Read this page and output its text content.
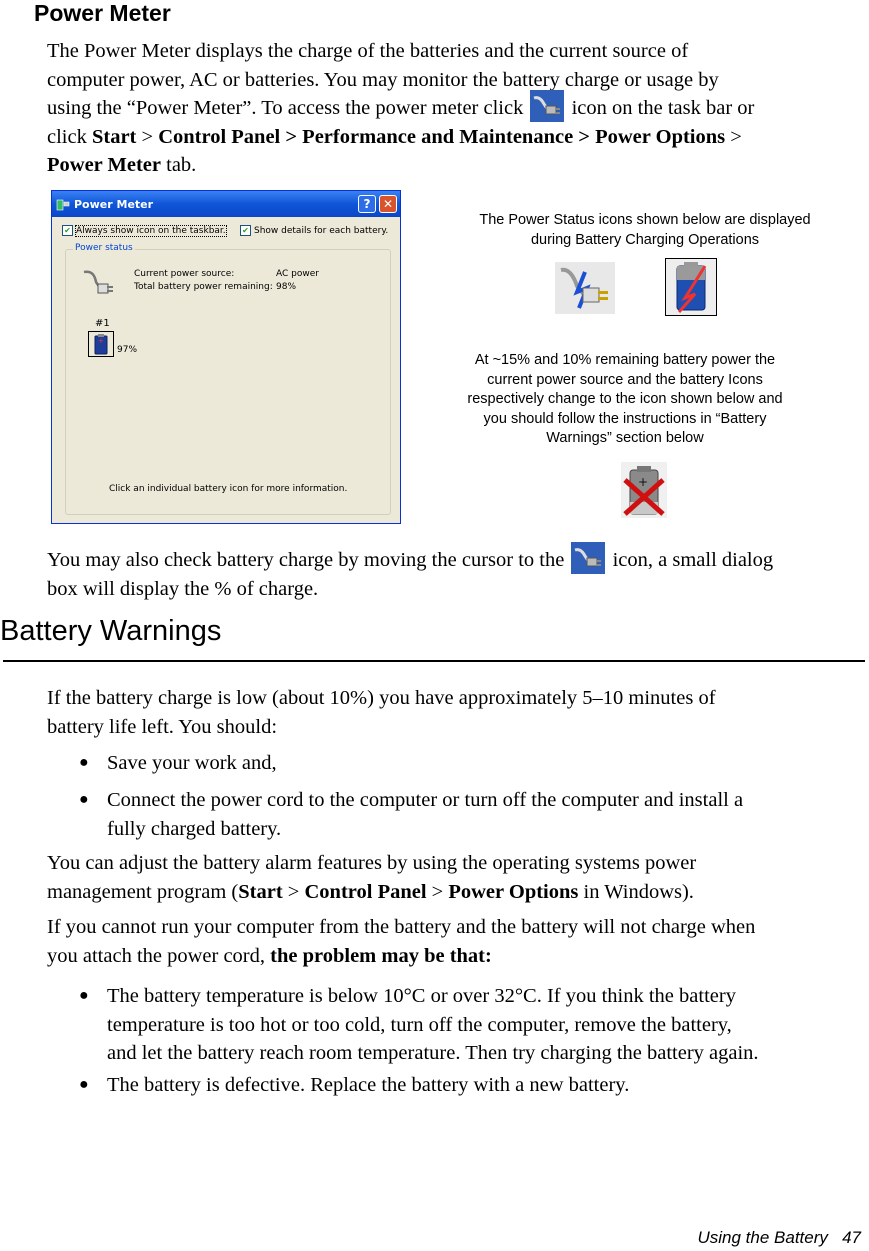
Power Meter
The Power Meter displays the charge of the batteries and the current source of
computer power, AC or batteries. You may monitor the battery charge or usage by
using the “Power Meter”. To access the power meter click icon on the task bar or
click Start > Control Panel > Performance and Maintenance > Power Options >
Power Meter tab.
Power Meter	?	✕
✔ Always show icon on the taskbar. ✔ Show details for each battery.
Power status
Current power source:	AC power
Total battery power remaining: 98%
#1
+
97%
Click an individual battery icon for more information.
The Power Status icons shown below are displayed
during Battery Charging Operations
At ~15% and 10% remaining battery power the
current power source and the battery Icons
respectively change to the icon shown below and
you should follow the instructions in “Battery
Warnings” section below
+
You may also check battery charge by moving the cursor to the icon, a small dialog
box will display the % of charge.
Battery Warnings
If the battery charge is low (about 10%) you have approximately 5–10 minutes of
battery life left. You should:
● Save your work and,
● Connect the power cord to the computer or turn off the computer and install a
fully charged battery.
You can adjust the battery alarm features by using the operating systems power
management program (Start > Control Panel > Power Options in Windows).
If you cannot run your computer from the battery and the battery will not charge when
you attach the power cord, the problem may be that:
● The battery temperature is below 10°C or over 32°C. If you think the battery
temperature is too hot or too cold, turn off the computer, remove the battery,
and let the battery reach room temperature. Then try charging the battery again.
● The battery is defective. Replace the battery with a new battery.
Using the Battery 47
